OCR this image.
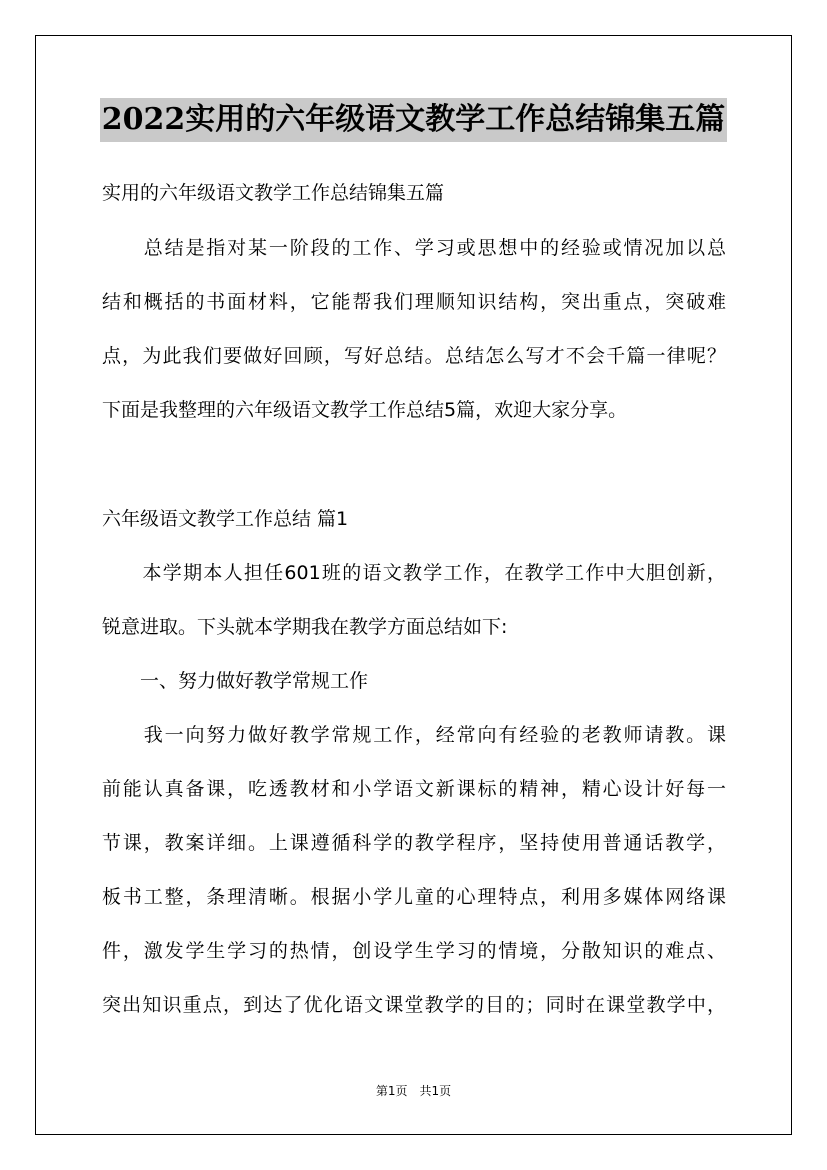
2022实用的六年级语文教学工作总结锦集五篇
实用的六年级语文教学工作总结锦集五篇
　　总结是指对某一阶段的工作、学习或思想中的经验或情况加以总
结和概括的书面材料，它能帮我们理顺知识结构，突出重点，突破难
点，为此我们要做好回顾，写好总结。总结怎么写才不会千篇一律呢？
下面是我整理的六年级语文教学工作总结5篇，欢迎大家分享。
六年级语文教学工作总结 篇1
　　本学期本人担任601班的语文教学工作，在教学工作中大胆创新，
锐意进取。下头就本学期我在教学方面总结如下:
　　一、努力做好教学常规工作
　　我一向努力做好教学常规工作，经常向有经验的老教师请教。课
前能认真备课，吃透教材和小学语文新课标的精神，精心设计好每一
节课，教案详细。上课遵循科学的教学程序，坚持使用普通话教学，
板书工整，条理清晰。根据小学儿童的心理特点，利用多媒体网络课
件，激发学生学习的热情，创设学生学习的情境，分散知识的难点、
突出知识重点，到达了优化语文课堂教学的目的；同时在课堂教学中，
第1页　共1页
